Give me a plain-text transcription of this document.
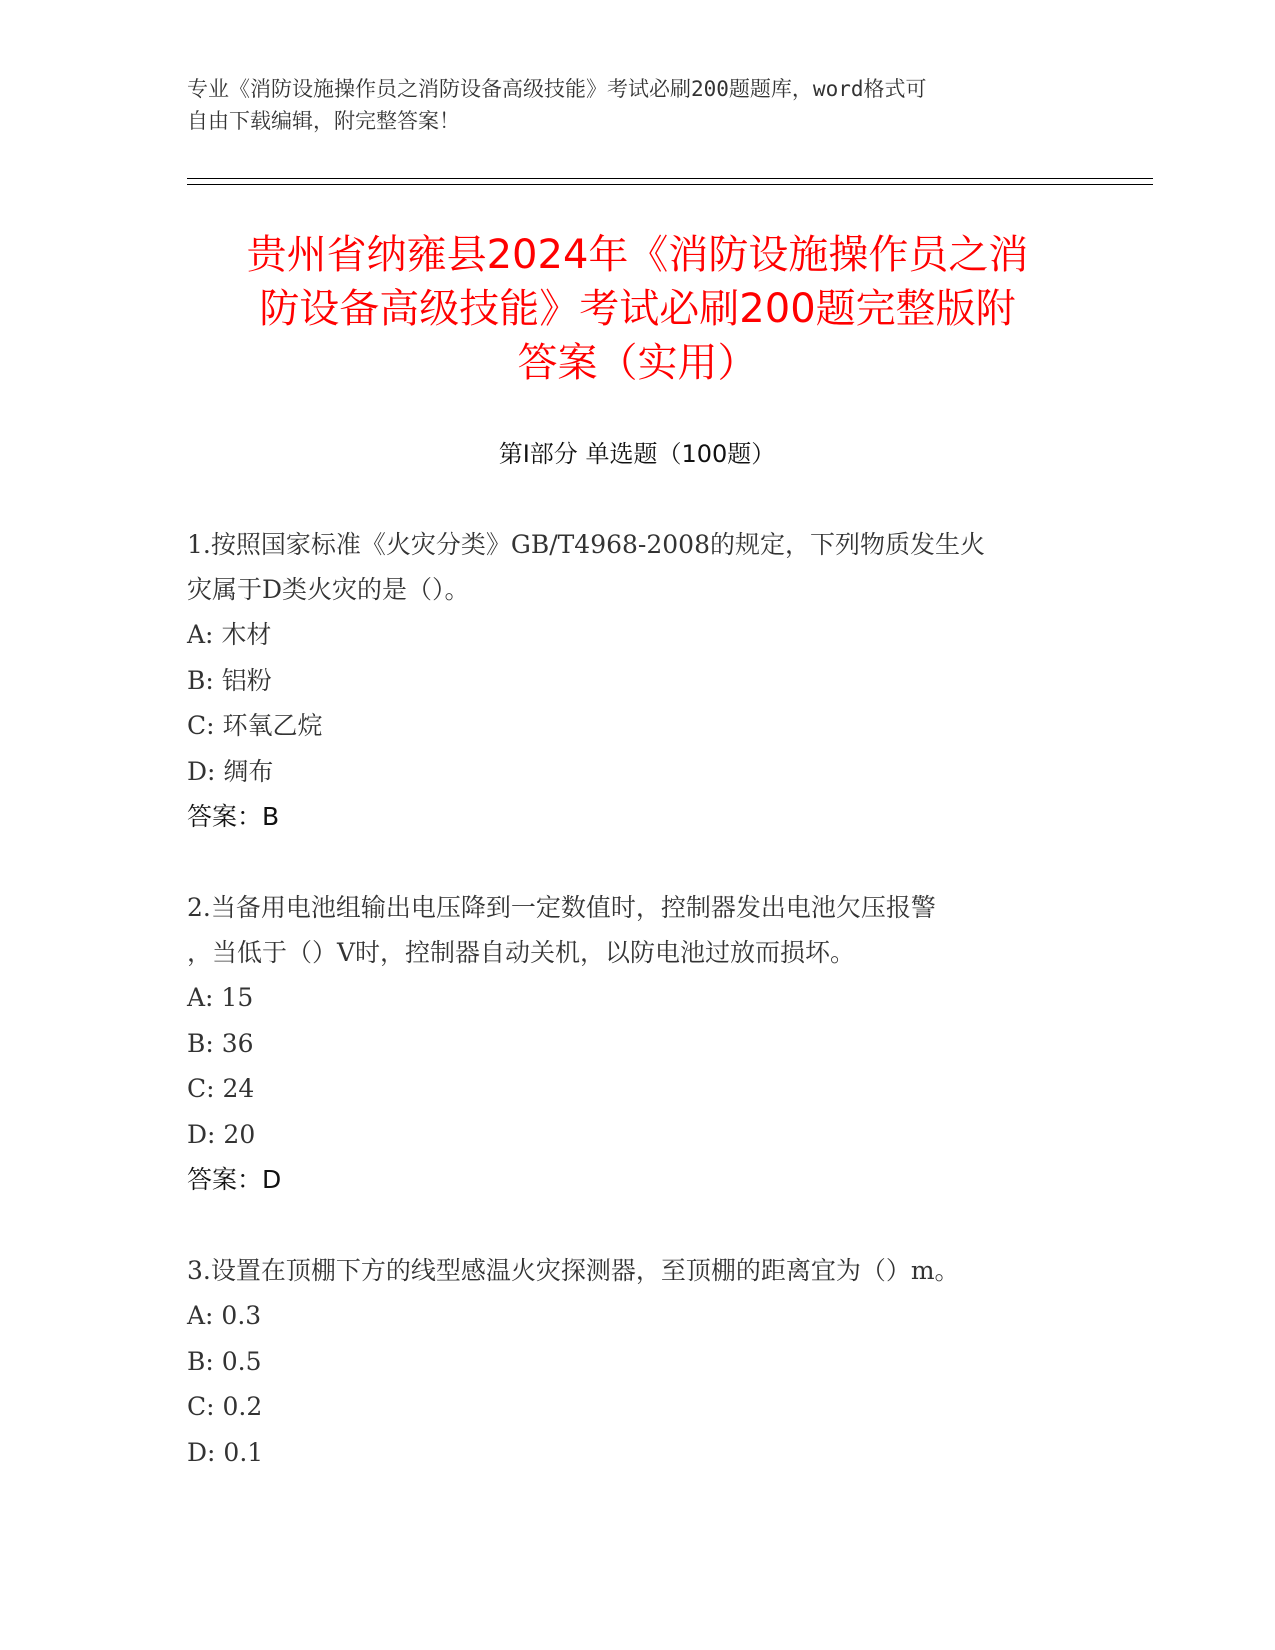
专业《消防设施操作员之消防设备高级技能》考试必刷200题题库，word格式可
自由下载编辑，附完整答案！
贵州省纳雍县2024年《消防设施操作员之消
防设备高级技能》考试必刷200题完整版附
答案（实用）
第I部分 单选题（100题）
1.按照国家标准《火灾分类》GB/T4968-2008的规定，下列物质发生火
灾属于D类火灾的是（）。
A: 木材
B: 铝粉
C: 环氧乙烷
D: 绸布
答案：B
2.当备用电池组输出电压降到一定数值时，控制器发出电池欠压报警
，当低于（）V时，控制器自动关机，以防电池过放而损坏。
A: 15
B: 36
C: 24
D: 20
答案：D
3.设置在顶棚下方的线型感温火灾探测器，至顶棚的距离宜为（）m。
A: 0.3
B: 0.5
C: 0.2
D: 0.1
